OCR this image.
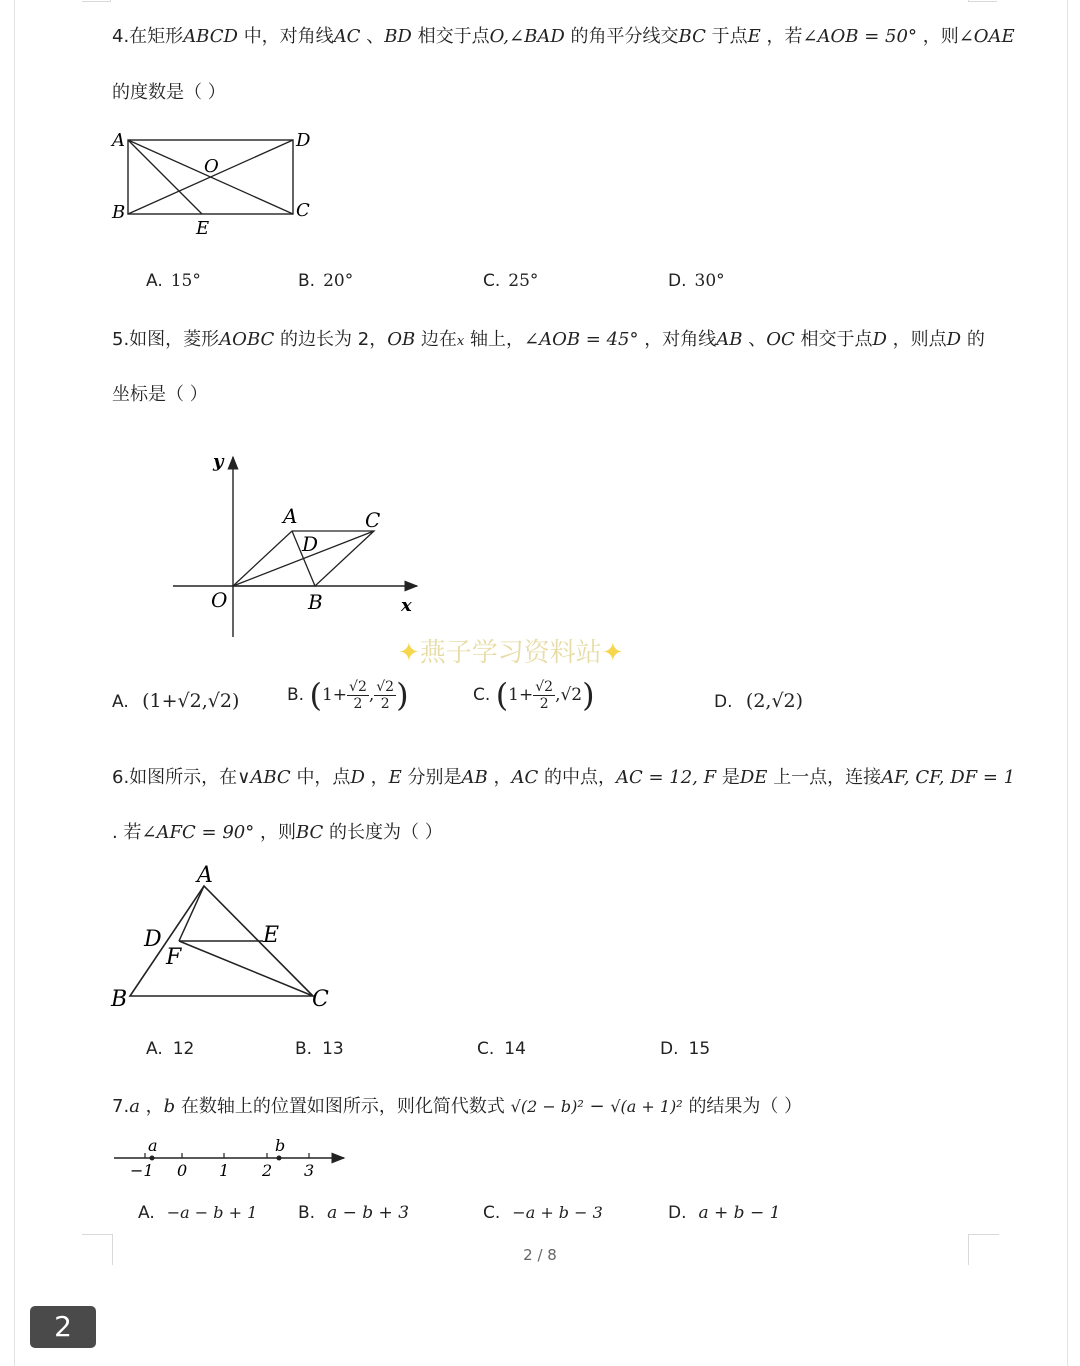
4.在矩形ABCD 中，对角线AC 、BD 相交于点O,∠BAD 的角平分线交BC 于点E ，若∠AOB = 50° ，则∠OAE
的度数是（ ）
A	D
B	C
O
E
A. 15°	B. 20°	C. 25°	D. 30°
5.如图，菱形AOBC 的边长为 2，OB 边在x 轴上，∠AOB = 45° ，对角线AB 、OC 相交于点D ，则点D 的
坐标是（ ）
y
x
O	B
A	C
D
✦燕子学习资料站✦
A. (1+√2,√2)	B. ($1+ \frac{√2}{2}$ , $\frac{√2}{2}$ )	C. $(1+ \frac{√2}{2} ,√2)$	D. (2,√2)
6.如图所示，在∨ABC 中，点D ，E 分别是AB ，AC 的中点，AC = 12, F 是DE 上一点，连接AF, CF, DF = 1
. 若∠AFC = 90° ，则BC 的长度为（ ）
A
D
F
E
B	C
A. 12	B. 13	C. 14	D. 15
7.a ，b 在数轴上的位置如图所示，则化简代数式 √(2 − b)² − √(a + 1)² 的结果为（ ）
a	b
−1 0 1 2 3
A. −a − b + 1 B. a − b + 3	C. −a + b − 3	D. a + b − 1
2 / 8
2
